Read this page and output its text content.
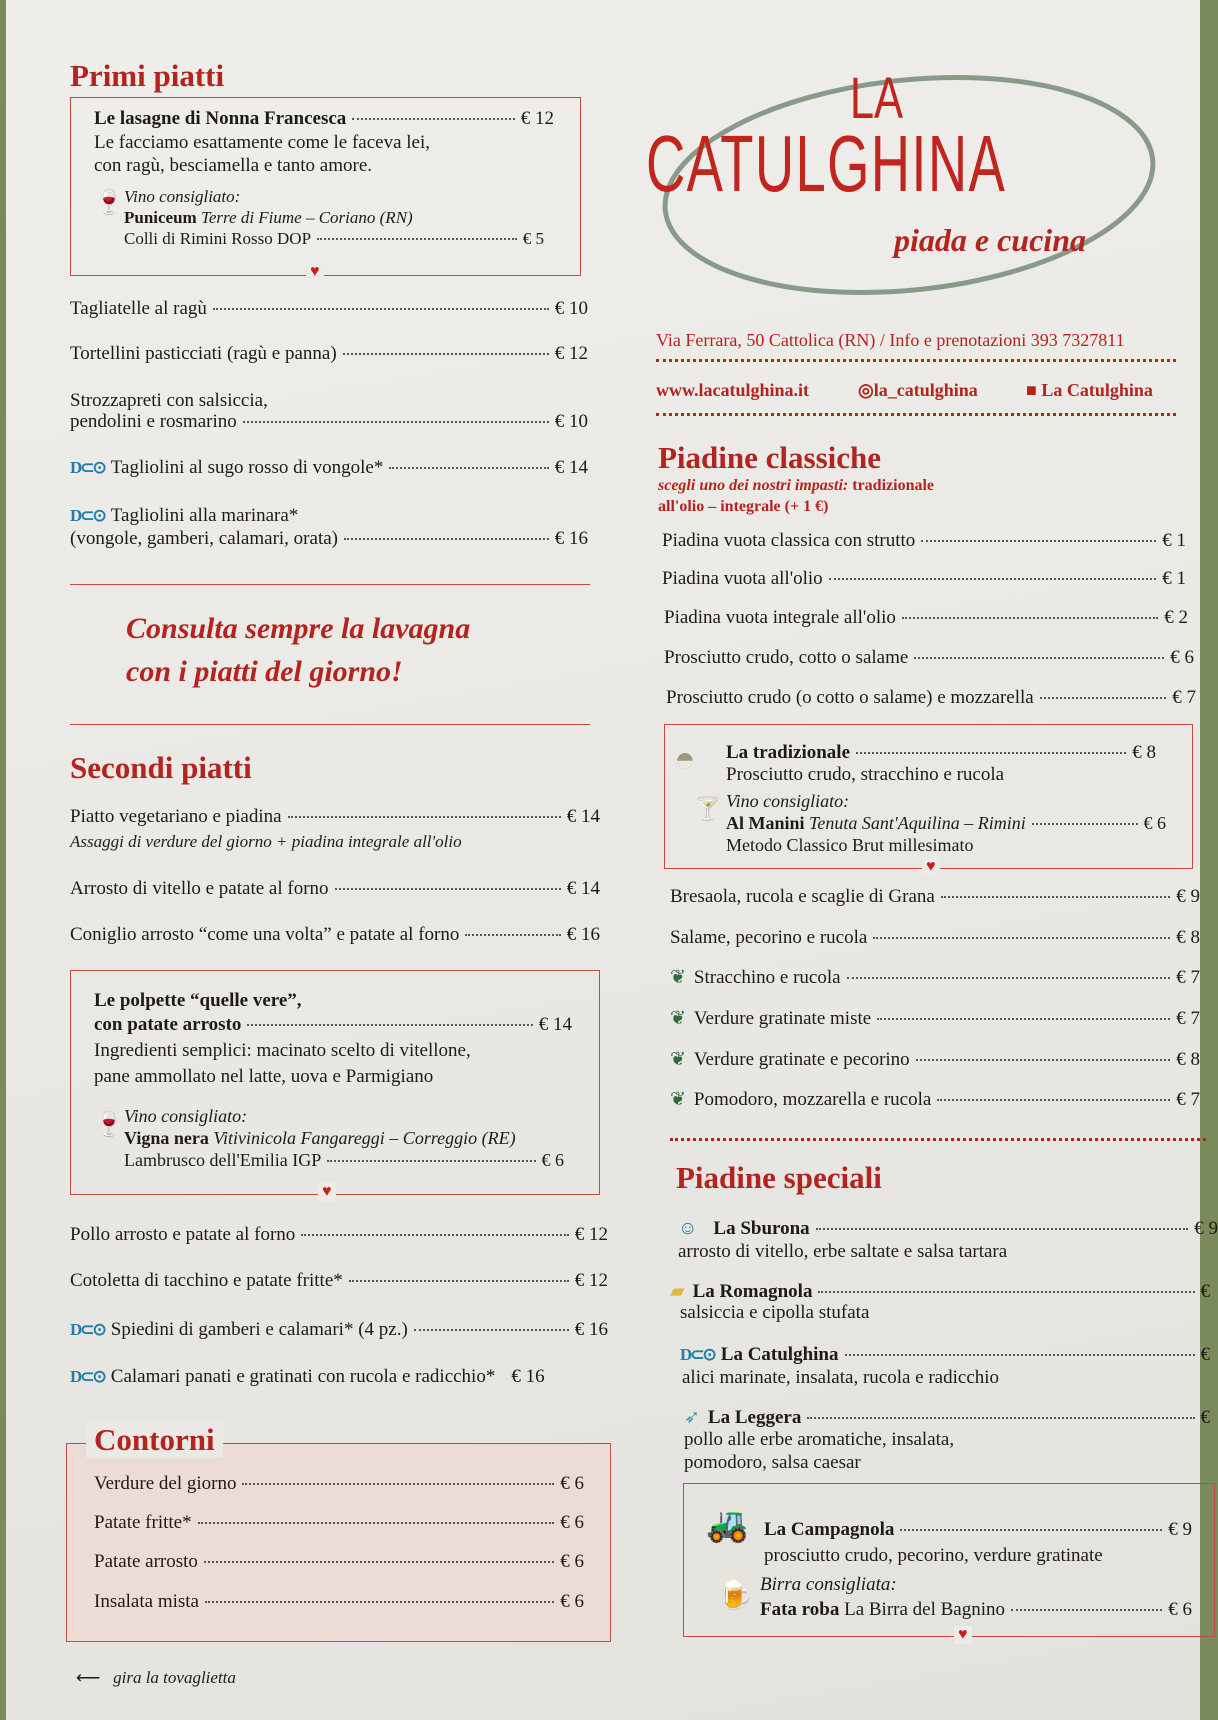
Primi piatti
Le lasagne di Nonna Francesca	€ 12
Le facciamo esattamente come le faceva lei,
con ragù, besciamella e tanto amore.
🍷 Vino consigliato:
Puniceum Terre di Fiume – Coriano (RN)
Colli di Rimini Rosso DOP	€ 5
♥
Tagliatelle al ragù	€ 10
Tortellini pasticciati (ragù e panna)	€ 12
Strozzapreti con salsiccia,
pendolini e rosmarino	€ 10
D⊂⊙ Tagliolini al sugo rosso di vongole*	€ 14
D⊂⊙ Tagliolini alla marinara*
(vongole, gamberi, calamari, orata)	€ 16
Consulta sempre la lavagna
con i piatti del giorno!
Secondi piatti
Piatto vegetariano e piadina	€ 14
Assaggi di verdure del giorno + piadina integrale all'olio
Arrosto di vitello e patate al forno	€ 14
Coniglio arrosto “come una volta” e patate al forno	€ 16
Le polpette “quelle vere”,
con patate arrosto	€ 14
Ingredienti semplici: macinato scelto di vitellone,
pane ammollato nel latte, uova e Parmigiano
🍷 Vino consigliato:
Vigna nera Vitivinicola Fangareggi – Correggio (RE)
Lambrusco dell'Emilia IGP	€ 6
♥
Pollo arrosto e patate al forno	€ 12
Cotoletta di tacchino e patate fritte*	€ 12
D⊂⊙ Spiedini di gamberi e calamari* (4 pz.)	€ 16
D⊂⊙ Calamari panati e gratinati con rucola e radicchio* € 16
Contorni
Verdure del giorno	€ 6
Patate fritte*	€ 6
Patate arrosto	€ 6
Insalata mista	€ 6
⟵ gira la tovaglietta
LA
CATULGHINA
piada e cucina
Via Ferrara, 50 Cattolica (RN) / Info e prenotazioni 393 7327811
www.lacatulghina.it	◎la_catulghina	■ La Catulghina
Piadine classiche
scegli uno dei nostri impasti: tradizionale
all'olio – integrale (+ 1 €)
Piadina vuota classica con strutto	€ 1
Piadina vuota all'olio	€ 1
Piadina vuota integrale all'olio	€ 2
Prosciutto crudo, cotto o salame	€ 6
Prosciutto crudo (o cotto o salame) e mozzarella	€ 7
◓ La tradizionale	€ 8
Prosciutto crudo, stracchino e rucola
🍸 Vino consigliato:
Al Manini Tenuta Sant'Aquilina – Rimini	€ 6
Metodo Classico Brut millesimato
♥
Bresaola, rucola e scaglie di Grana	€ 9
Salame, pecorino e rucola	€ 8
❦ Stracchino e rucola	€ 7
❦ Verdure gratinate miste	€ 7
❦ Verdure gratinate e pecorino	€ 8
❦ Pomodoro, mozzarella e rucola	€ 7
Piadine speciali
☺ La Sburona	€ 9
arrosto di vitello, erbe saltate e salsa tartara
▰ La Romagnola	€
salsiccia e cipolla stufata
D⊂⊙ La Catulghina	€
alici marinate, insalata, rucola e radicchio
➶ La Leggera	€
pollo alle erbe aromatiche, insalata,
pomodoro, salsa caesar
🚜 La Campagnola	€ 9
prosciutto crudo, pecorino, verdure gratinate
🍺 Birra consigliata:
Fata roba La Birra del Bagnino	€ 6
♥
